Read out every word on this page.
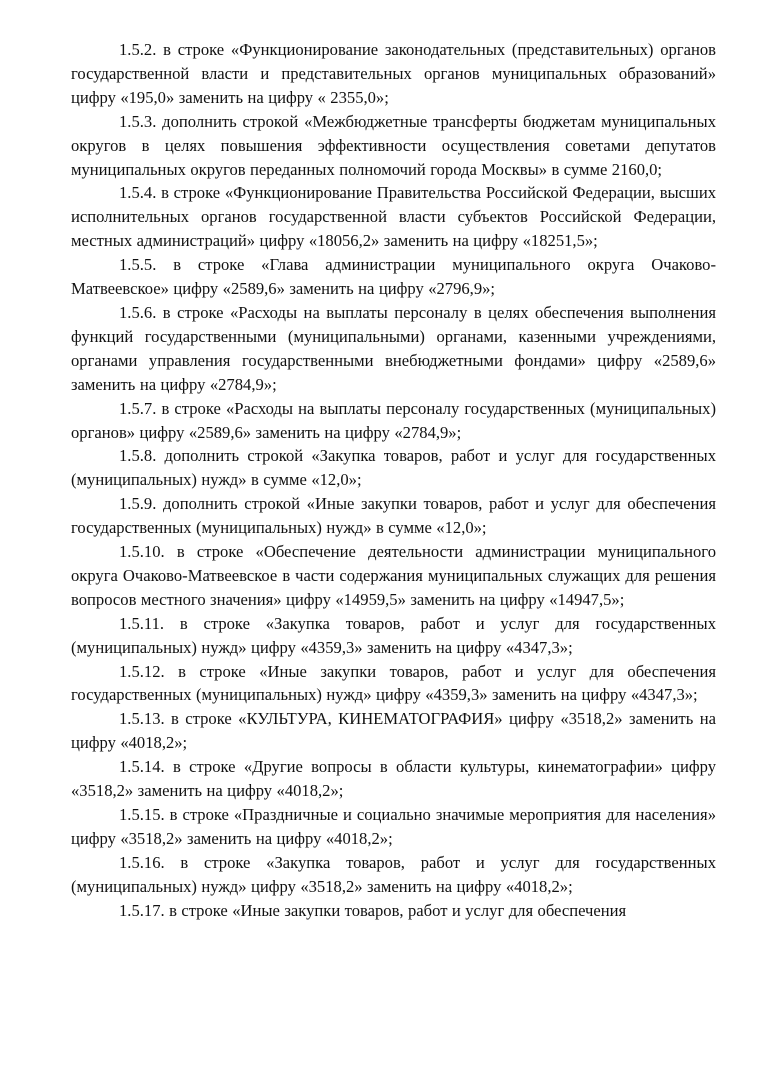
1.5.2. в строке «Функционирование законодательных (представительных) органов государственной власти и представительных органов муниципальных образований» цифру «195,0» заменить на цифру « 2355,0»;

1.5.3. дополнить строкой «Межбюджетные трансферты бюджетам муниципальных округов в целях повышения эффективности осуществления советами депутатов муниципальных округов переданных полномочий города Москвы» в сумме 2160,0;

1.5.4. в строке «Функционирование Правительства Российской Федерации, высших исполнительных органов государственной власти субъектов Российской Федерации, местных администраций» цифру «18056,2» заменить на цифру «18251,5»;

1.5.5. в строке «Глава администрации муниципального округа Очаково-Матвеевское» цифру «2589,6» заменить на цифру «2796,9»;

1.5.6. в строке «Расходы на выплаты персоналу в целях обеспечения выполнения функций государственными (муниципальными) органами, казенными учреждениями, органами управления государственными внебюджетными фондами» цифру «2589,6» заменить на цифру «2784,9»;

1.5.7. в строке «Расходы на выплаты персоналу государственных (муниципальных) органов» цифру «2589,6» заменить на цифру «2784,9»;

1.5.8. дополнить строкой «Закупка товаров, работ и услуг для государственных (муниципальных) нужд» в сумме «12,0»;

1.5.9. дополнить строкой «Иные закупки товаров, работ и услуг для обеспечения государственных (муниципальных) нужд» в сумме «12,0»;

1.5.10. в строке «Обеспечение деятельности администрации муниципального округа Очаково-Матвеевское в части содержания муниципальных служащих для решения вопросов местного значения» цифру «14959,5» заменить на цифру «14947,5»;

1.5.11. в строке «Закупка товаров, работ и услуг для государственных (муниципальных) нужд» цифру «4359,3» заменить на цифру «4347,3»;

1.5.12. в строке «Иные закупки товаров, работ и услуг для обеспечения государственных (муниципальных) нужд» цифру «4359,3» заменить на цифру «4347,3»;

1.5.13. в строке «КУЛЬТУРА, КИНЕМАТОГРАФИЯ» цифру «3518,2» заменить на цифру «4018,2»;

1.5.14. в строке «Другие вопросы в области культуры, кинематографии» цифру «3518,2» заменить на цифру «4018,2»;

1.5.15. в строке «Праздничные и социально значимые мероприятия для населения» цифру «3518,2» заменить на цифру «4018,2»;

1.5.16. в строке «Закупка товаров, работ и услуг для государственных (муниципальных) нужд» цифру «3518,2» заменить на цифру «4018,2»;

1.5.17. в строке «Иные закупки товаров, работ и услуг для обеспечения
